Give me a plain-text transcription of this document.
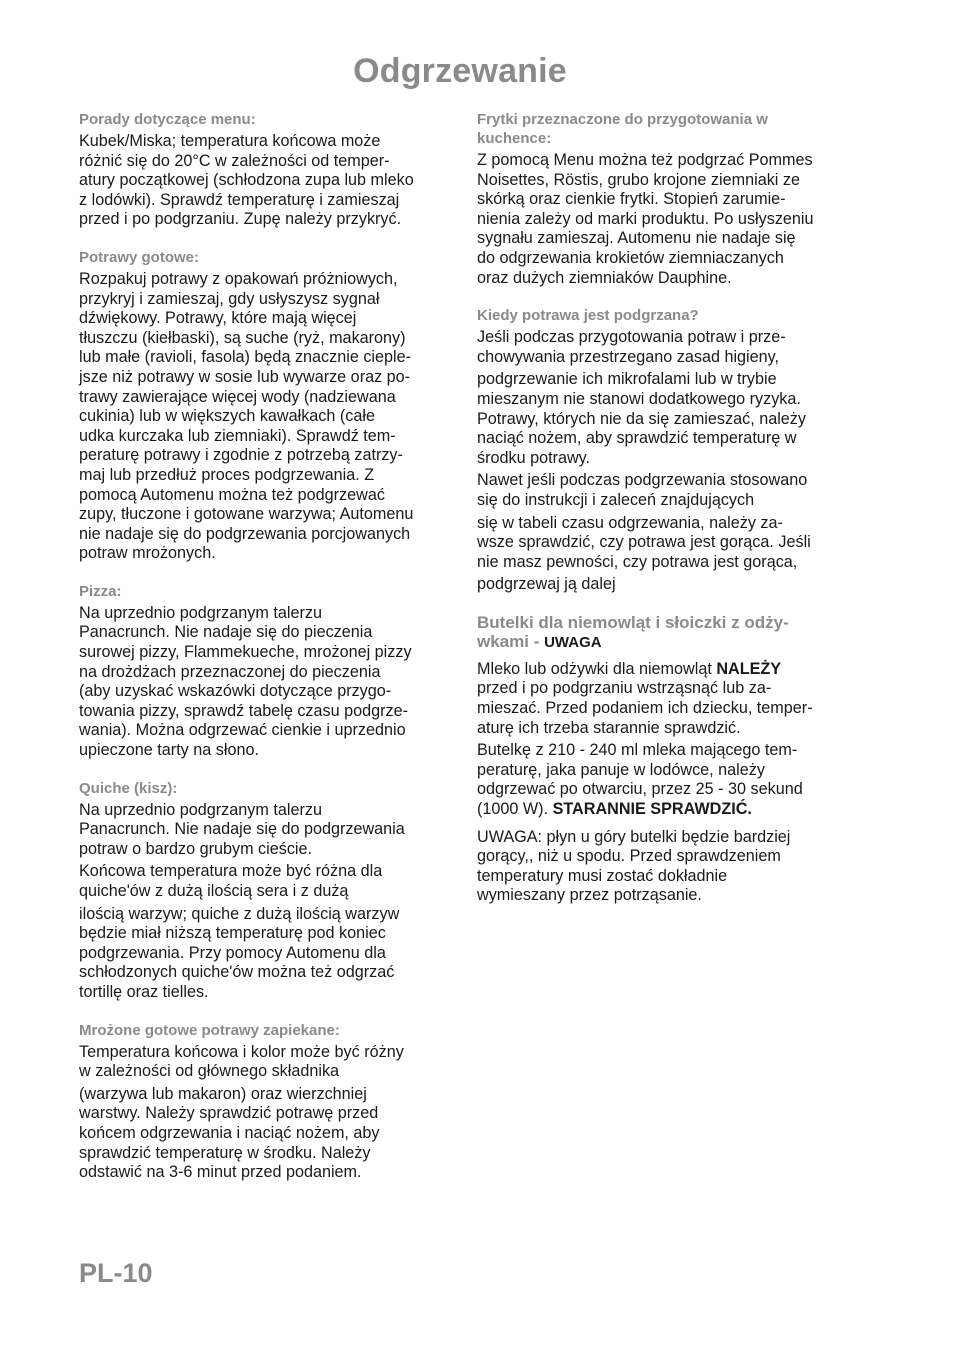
Odgrzewanie
Porady dotyczące menu:
Kubek/Miska; temperatura końcowa może
różnić się do 20°C w zależności od temper-
atury początkowej (schłodzona zupa lub mleko
z lodówki). Sprawdź temperaturę i zamieszaj
przed i po podgrzaniu. Zupę należy przykryć.
Potrawy gotowe:
Rozpakuj potrawy z opakowań próżniowych,
przykryj i zamieszaj, gdy usłyszysz sygnał
dźwiękowy. Potrawy, które mają więcej
tłuszczu (kiełbaski), są suche (ryż, makarony)
lub małe (ravioli, fasola) będą znacznie cieple-
jsze niż potrawy w sosie lub wywarze oraz po-
trawy zawierające więcej wody (nadziewana
cukinia) lub w większych kawałkach (całe
udka kurczaka lub ziemniaki). Sprawdź tem-
peraturę potrawy i zgodnie z potrzebą zatrzy-
maj lub przedłuż proces podgrzewania. Z
pomocą Automenu można też podgrzewać
zupy, tłuczone i gotowane warzywa; Automenu
nie nadaje się do podgrzewania porcjowanych
potraw mrożonych.
Pizza:
Na uprzednio podgrzanym talerzu
Panacrunch. Nie nadaje się do pieczenia
surowej pizzy, Flammekueche, mrożonej pizzy
na drożdżach przeznaczonej do pieczenia
(aby uzyskać wskazówki dotyczące przygo-
towania pizzy, sprawdź tabelę czasu podgrze-
wania). Można odgrzewać cienkie i uprzednio
upieczone tarty na słono.
Quiche (kisz):
Na uprzednio podgrzanym talerzu
Panacrunch. Nie nadaje się do podgrzewania
potraw o bardzo grubym cieście.
Końcowa temperatura może być różna dla
quiche'ów z dużą ilością sera i z dużą
ilością warzyw; quiche z dużą ilością warzyw
będzie miał niższą temperaturę pod koniec
podgrzewania. Przy pomocy Automenu dla
schłodzonych quiche'ów można też odgrzać
tortillę oraz tielles.
Mrożone gotowe potrawy zapiekane:
Temperatura końcowa i kolor może być różny
w zależności od głównego składnika
(warzywa lub makaron) oraz wierzchniej
warstwy. Należy sprawdzić potrawę przed
końcem odgrzewania i naciąć nożem, aby
sprawdzić temperaturę w środku. Należy
odstawić na 3-6 minut przed podaniem.
Frytki przeznaczone do przygotowania w
kuchence:
Z pomocą Menu można też podgrzać Pommes
Noisettes, Röstis, grubo krojone ziemniaki ze
skórką oraz cienkie frytki. Stopień zarumie-
nienia zależy od marki produktu. Po usłyszeniu
sygnału zamieszaj. Automenu nie nadaje się
do odgrzewania krokietów ziemniaczanych
oraz dużych ziemniaków Dauphine.
Kiedy potrawa jest podgrzana?
Jeśli podczas przygotowania potraw i prze-
chowywania przestrzegano zasad higieny,
podgrzewanie ich mikrofalami lub w trybie
mieszanym nie stanowi dodatkowego ryzyka.
Potrawy, których nie da się zamieszać, należy
naciąć nożem, aby sprawdzić temperaturę w
środku potrawy.
Nawet jeśli podczas podgrzewania stosowano
się do instrukcji i zaleceń znajdujących
się w tabeli czasu odgrzewania, należy za-
wsze sprawdzić, czy potrawa jest gorąca. Jeśli
nie masz pewności, czy potrawa jest gorąca,
podgrzewaj ją dalej
Butelki dla niemowląt i słoiczki z odży-
wkami - UWAGA
Mleko lub odżywki dla niemowląt NALEŻY
przed i po podgrzaniu wstrząsnąć lub za-
mieszać. Przed podaniem ich dziecku, temper-
aturę ich trzeba starannie sprawdzić.
Butelkę z 210 - 240 ml mleka mającego tem-
peraturę, jaka panuje w lodówce, należy
odgrzewać po otwarciu, przez 25 - 30 sekund
(1000 W). STARANNIE SPRAWDZIĆ.
UWAGA: płyn u góry butelki będzie bardziej
gorący,, niż u spodu. Przed sprawdzeniem
temperatury musi zostać dokładnie
wymieszany przez potrząsanie.
PL-10
